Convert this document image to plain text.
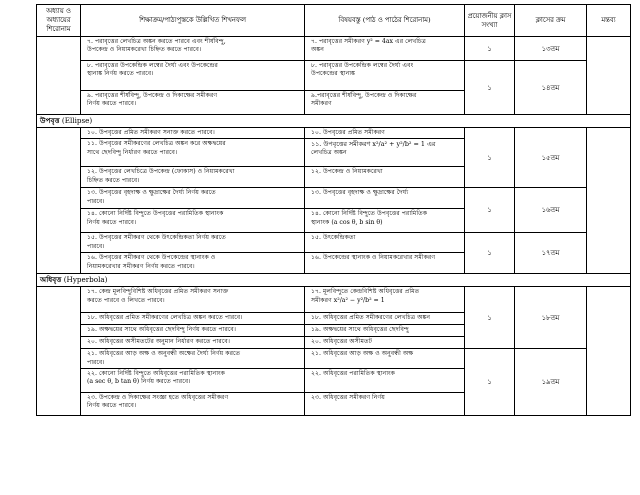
অধ্যায় ও অধ্যায়ের শিরোনাম	শিক্ষাক্রম/পাঠ্যপুস্তকে উল্লিখিত শিখনফল	বিষয়বস্তু (পাঠ ও পাঠের শিরোনাম)	প্রয়োজনীয় ক্লাস সংখ্যা	ক্লাসের ক্রম	মন্তব্য

	৭. পরাবৃত্তের লেখচিত্র অঙ্কন করতে পারবে এবং শীর্ষবিন্দু,
উপকেন্দ্র ও নিয়ামকরেখা চিহ্নিত করতে পারবে।	৭. পরাবৃত্তের সমীকরণ y² = 4ax এর লেখচিত্র
অঙ্কন	১	১৩তম	

	৮. পরাবৃত্তের উপকেন্দ্রিক লম্বের দৈর্ঘ্য এবং উপকেন্দ্রের
স্থানাঙ্ক নির্ণয় করতে পারবে।	৮. পরাবৃত্তের উপকেন্দ্রিক লম্বের দৈর্ঘ্য এবং
উপকেন্দ্রের স্থানাঙ্ক	১	১৪তম	

	৯. পরাবৃত্তের শীর্ষবিন্দু, উপকেন্দ্র ও দিকাক্ষের সমীকরণ
নির্ণয় করতে পারবে।	৯.পরাবৃত্তের শীর্ষবিন্দু, উপকেন্দ্র ও দিকাক্ষের
সমীকরণ			

উপবৃত্ত (Ellipse)					

	১০. উপবৃত্তের প্রমিত সমীকরণ সনাক্ত করতে পারবে।	১০. উপবৃত্তের প্রমিত সমীকরণ	১	১৫তম	

	১১. উপবৃত্তের সমীকরণের লেখচিত্র অঙ্কন করে অক্ষদ্বয়ের
সাথে ছেদবিন্দু নির্ধারণ করতে পারবে।	১১. উপবৃত্তের সমীকরণ x²/a² + y²/b² = 1 এর
লেখচিত্র অঙ্কন			

	১২. উপবৃত্তের লেখচিত্রে উপকেন্দ্র (ফোকাস) ও নিয়ামকরেখা
চিহ্নিত করতে পারবে।	১২. উপকেন্দ্র ও নিয়ামকরেখা			

	১৩. উপবৃত্তের বৃহদাক্ষ ও ক্ষুদ্রাক্ষের দৈর্ঘ্য নির্ণয় করতে
পারবে।	১৩. উপবৃত্তের বৃহদাক্ষ ও ক্ষুদ্রাক্ষের দৈর্ঘ্য	১	১৬তম	

	১৪. কোনো নির্দিষ্ট বিন্দুতে উপবৃত্তের পরামিতিক স্থানাংক
নির্ণয় করতে পারবে।	১৪. কোনো নির্দিষ্ট বিন্দুতে উপবৃত্তের পরামিতিক
স্থানাংক (a cos θ, b sin θ)			

	১৫. উপবৃত্তের সমীকরণ থেকে উৎকেন্দ্রিকতা নির্ণয় করতে
পারবে।	১৫. উৎকেন্দ্রিকতা	১	১৭তম	

	১৬. উপবৃত্তের সমীকরণ থেকে উপকেন্দ্রের স্থানাংক ও
নিয়ামকরেখার সমীকরণ নির্ণয় করতে পারবে।	১৬. উপকেন্দ্রের স্থানাংক ও নিয়ামকরেখার সমীকরণ			

অধিবৃত্ত (Hyperbola)					

	১৭. কেন্দ্র মূলবিন্দুবিশিষ্ট অধিবৃত্তের প্রমিত সমীকরণ সনাক্ত
করতে পারবে ও লিখতে পারবে।	১৭. মূলবিন্দুতে কেন্দ্রবিশিষ্ট অধিবৃত্তের প্রমিত
সমীকরণ x²/a² − y²/b² = 1	১	১৮তম	

	১৮. অধিবৃত্তের প্রমিত সমীকরণের লেখচিত্র অঙ্কন করতে পারবে।	১৮. অধিবৃত্তের প্রমিত সমীকরণের লেখচিত্র অঙ্কন			

	১৯. অক্ষদ্বয়ের সাথে অধিবৃত্তের ছেদবিন্দু নির্ণয় করতে পারবে।	১৯. অক্ষদ্বয়ের সাথে অধিবৃত্তের ছেদবিন্দু			

	২০. অধিবৃত্তের অসীমতটের অনুমান নির্ধারণ করতে পারবে।	২০. অধিবৃত্তের অসীমতট			

	২১. অধিবৃত্তের আড় অক্ষ ও অনুবন্ধী অক্ষের দৈর্ঘ্য নির্ণয় করতে
পারবে।	২১. অধিবৃত্তের আড় অক্ষ ও অনুবন্ধী অক্ষ	১	১৯তম	

	২২. কোনো নির্দিষ্ট বিন্দুতে অধিবৃত্তের পরামিতিক স্থানাংক
(a sec θ, b tan θ) নির্ণয় করতে পারবে।	২২. অধিবৃত্তের পরামিতিক স্থানাংক			

	২৩. উপকেন্দ্র ও দিকাক্ষের সংজ্ঞা হতে অধিবৃত্তের সমীকরণ
নির্ণয় করতে পারবে।	২৩. অধিবৃত্তের সমীকরণ নির্ণয়			
